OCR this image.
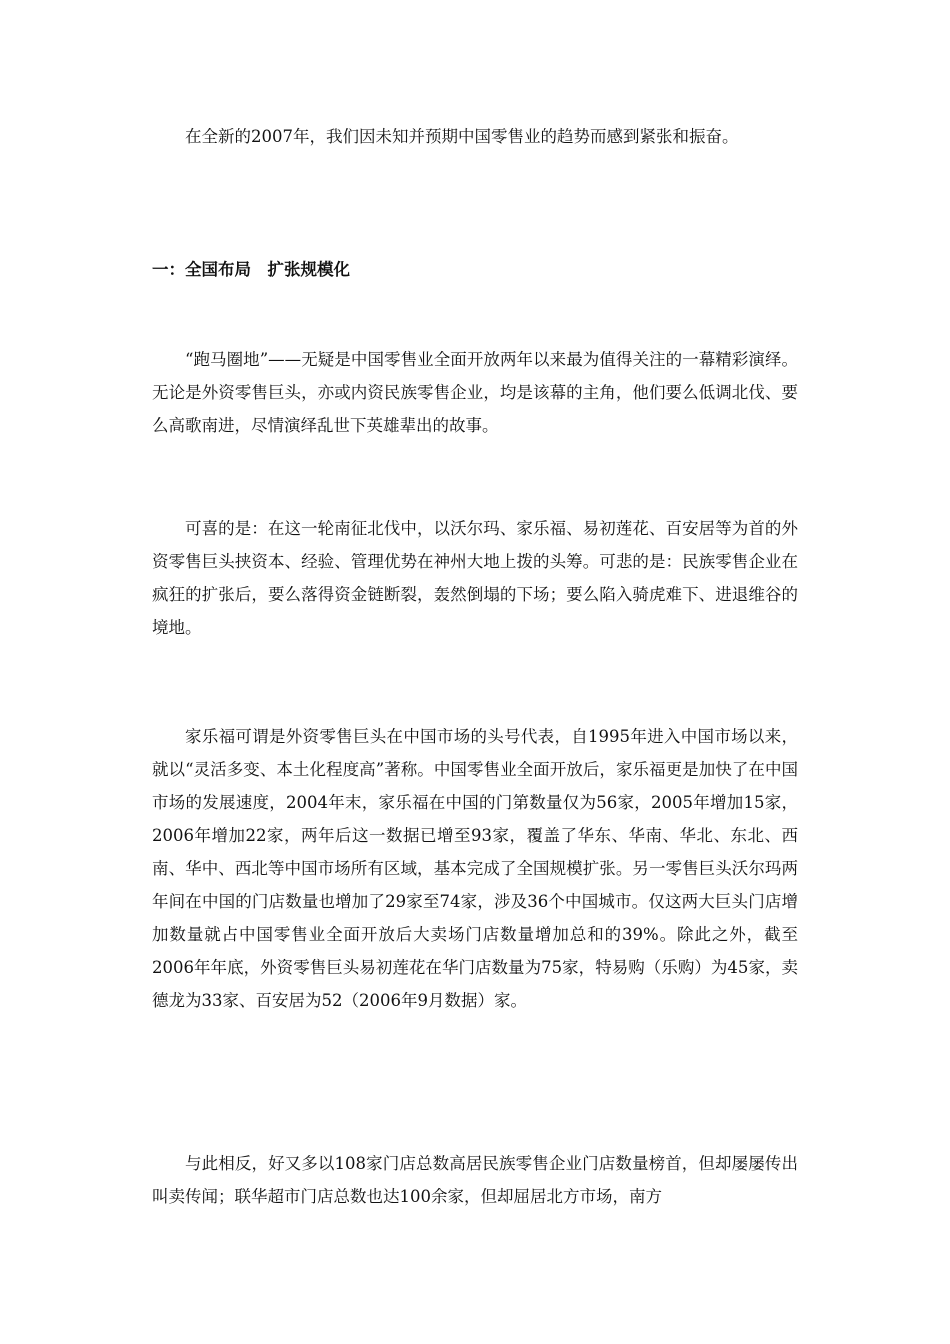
在全新的2007年，我们因未知并预期中国零售业的趋势而感到紧张和振奋。

一：全国布局　扩张规模化

“跑马圈地”——无疑是中国零售业全面开放两年以来最为值得关注的一幕精彩演绎。无论是外资零售巨头，亦或内资民族零售企业，均是该幕的主角，他们要么低调北伐、要么高歌南进，尽情演绎乱世下英雄辈出的故事。

可喜的是：在这一轮南征北伐中，以沃尔玛、家乐福、易初莲花、百安居等为首的外资零售巨头挟资本、经验、管理优势在神州大地上拨的头筹。可悲的是：民族零售企业在疯狂的扩张后，要么落得资金链断裂，轰然倒塌的下场；要么陷入骑虎难下、进退维谷的境地。

家乐福可谓是外资零售巨头在中国市场的头号代表，自1995年进入中国市场以来，就以“灵活多变、本土化程度高”著称。中国零售业全面开放后，家乐福更是加快了在中国市场的发展速度，2004年末，家乐福在中国的门第数量仅为56家，2005年增加15家，2006年增加22家，两年后这一数据已增至93家，覆盖了华东、华南、华北、东北、西南、华中、西北等中国市场所有区域，基本完成了全国规模扩张。另一零售巨头沃尔玛两年间在中国的门店数量也增加了29家至74家，涉及36个中国城市。仅这两大巨头门店增加数量就占中国零售业全面开放后大卖场门店数量增加总和的39%。除此之外，截至2006年年底，外资零售巨头易初莲花在华门店数量为75家，特易购（乐购）为45家，卖德龙为33家、百安居为52（2006年9月数据）家。

与此相反，好又多以108家门店总数高居民族零售企业门店数量榜首，但却屡屡传出叫卖传闻；联华超市门店总数也达100余家，但却屈居北方市场，南方
